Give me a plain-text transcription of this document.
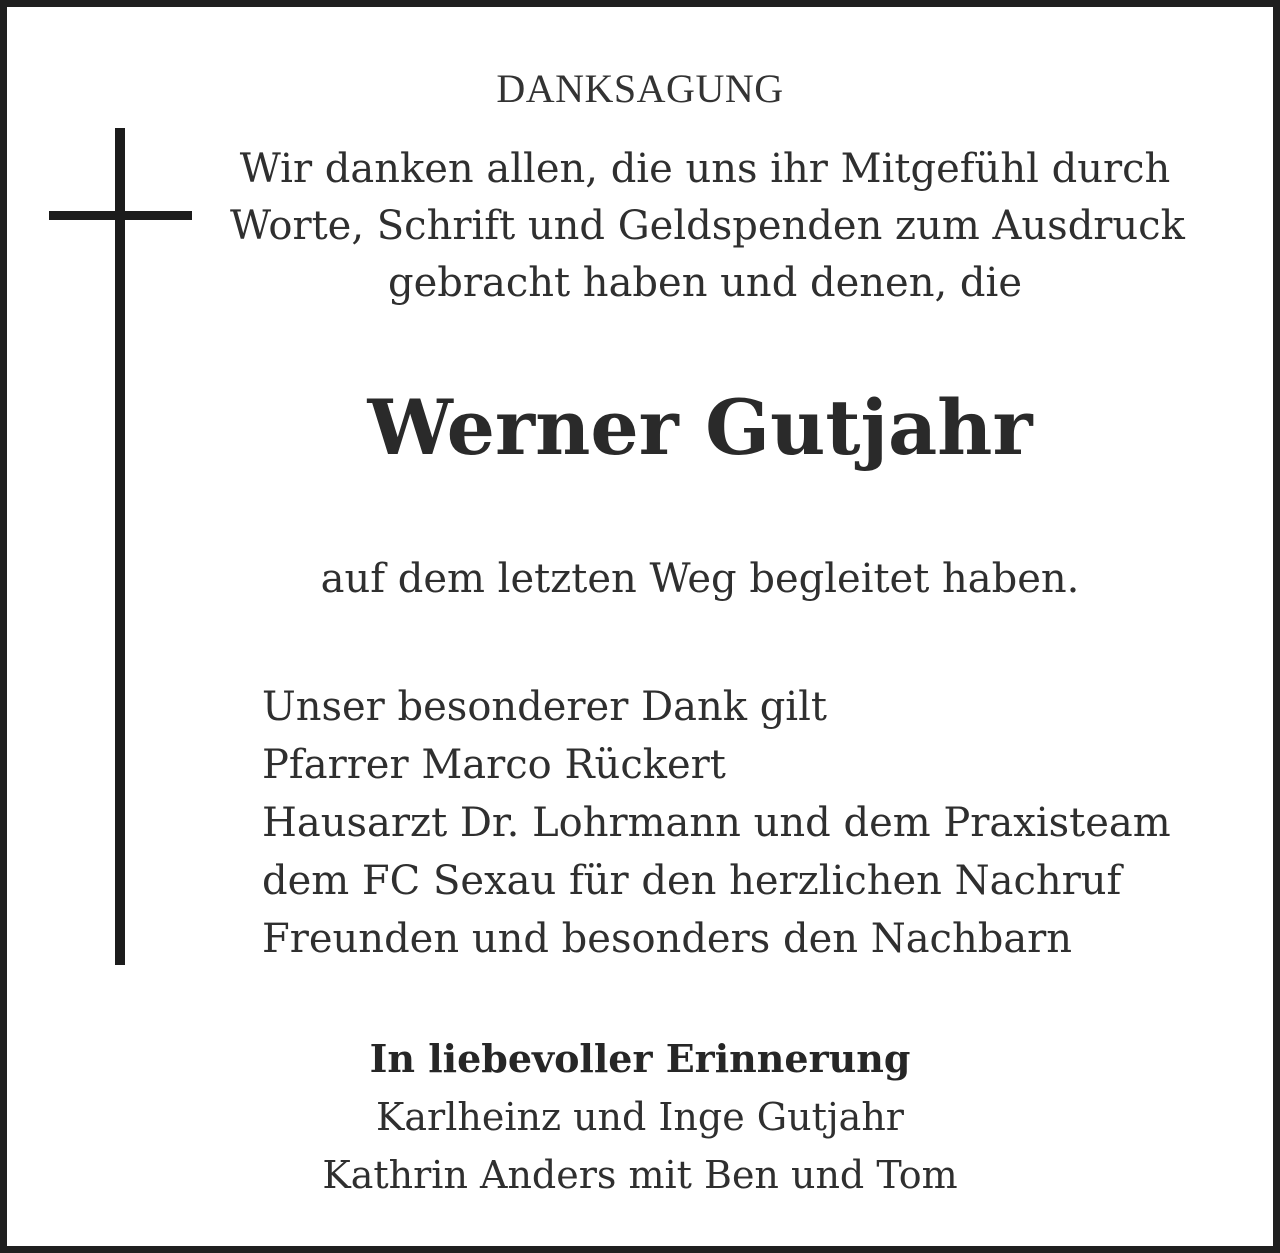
DANKSAGUNG
Wir danken allen, die uns ihr Mitgefühl durch
Worte, Schrift und Geldspenden zum Ausdruck
gebracht haben und denen, die
Werner Gutjahr
auf dem letzten Weg begleitet haben.
Unser besonderer Dank gilt
Pfarrer Marco Rückert
Hausarzt Dr. Lohrmann und dem Praxisteam
dem FC Sexau für den herzlichen Nachruf
Freunden und besonders den Nachbarn
In liebevoller Erinnerung
Karlheinz und Inge Gutjahr
Kathrin Anders mit Ben und Tom
